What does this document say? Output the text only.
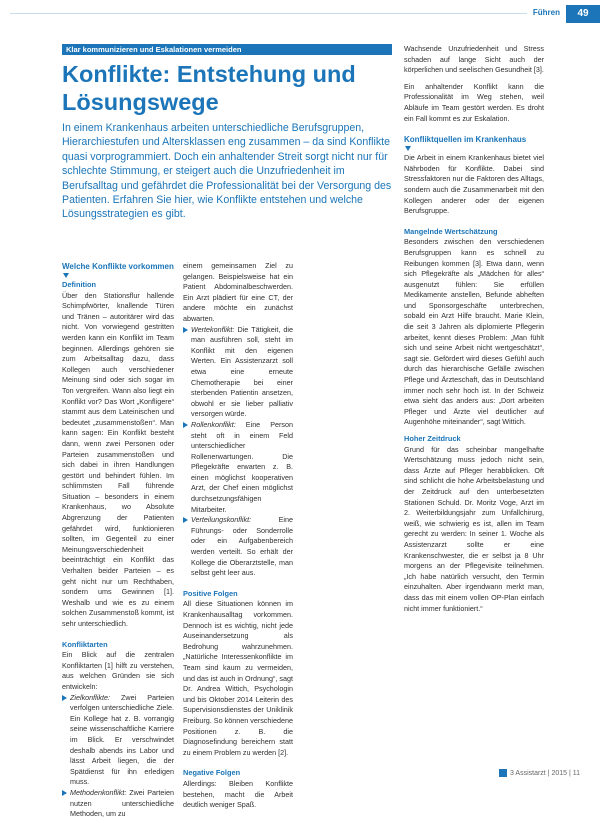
Führen	49
Klar kommunizieren und Eskalationen vermeiden
Konflikte: Entstehung und
Lösungswege

In einem Krankenhaus arbeiten unterschiedliche Berufsgruppen, Hierarchiestufen und Altersklassen eng zusammen – da sind Konflikte quasi vorprogrammiert. Doch ein anhaltender Streit sorgt nicht nur für schlechte Stimmung, er steigert auch die Unzufriedenheit im Berufsalltag und gefährdet die Professionalität bei der Versorgung des Patienten. Erfahren Sie hier, wie Konflikte entstehen und welche Lösungsstrategien es gibt.

Welche Konflikte vorkommen
Definition

Über den Stationsflur hallende Schimpfwörter, knallende Türen und Tränen – autoritärer wird das nicht. Von vorwiegend gestritten werden kann ein Konflikt im Team beginnen. Allerdings gehören sie zum Arbeitsalltag dazu, dass Kollegen auch verschiedener Meinung sind oder sich sogar im Ton vergreifen. Wann also liegt ein Konflikt vor? Das Wort „Konfligere“ stammt aus dem Lateinischen und bedeutet „zusammenstoßen“. Man kann sagen: Ein Konflikt besteht dann, wenn zwei Personen oder Parteien zusammenstoßen und sich dabei in ihren Handlungen gestört und behindert fühlen. Im schlimmsten Fall führende Situation – besonders in einem Krankenhaus, wo Absolute Abgrenzung der Patienten gefährdet wird, funktionieren sollten, im Gegenteil zu einer Meinungsverschiedenheit beeinträchtigt ein Konflikt das Verhalten beider Parteien – es geht nicht nur um Rechthaben, sondern ums Gewinnen [1]. Weshalb und wie es zu einem solchen Zusammenstoß kommt, ist sehr unterschiedlich.

Konfliktarten

Ein Blick auf die zentralen Konfliktarten [1] hilft zu verstehen, aus welchen Gründen sie sich entwickeln:

Zielkonflikte: Zwei Parteien verfolgen unterschiedliche Ziele. Ein Kollege hat z. B. vorrangig seine wissenschaftliche Karriere im Blick. Er verschwindet deshalb abends ins Labor und lässt Arbeit liegen, die der Spätdienst für ihn erledigen muss.
Methodenkonflikt: Zwei Parteien nutzen unterschiedliche Methoden, um zu

einem gemeinsamen Ziel zu gelangen. Beispielsweise hat ein Patient Abdominalbeschwerden. Ein Arzt plädiert für eine CT, der andere möchte ein zunächst abwarten.

Wertekonflikt: Die Tätigkeit, die man ausführen soll, steht im Konflikt mit den eigenen Werten. Ein Assistenzarzt soll etwa eine erneute Chemotherapie bei einer sterbenden Patientin ansetzen, obwohl er sie lieber palliativ versorgen würde.
Rollenkonflikt: Eine Person steht oft in einem Feld unterschiedlicher Rollenerwartungen. Die Pflegekräfte erwarten z. B. einen möglichst kooperativen Arzt, der Chef einen möglichst durchsetzungsfähigen Mitarbeiter.
Verteilungskonflikt:	Eine Führungs- oder Sonderrolle oder ein Aufgabenbereich werden verteilt. So erhält der Kollege die Oberarztstelle, man selbst geht leer aus.
Positive Folgen

All diese Situationen können im Krankenhausalltag vorkommen. Dennoch ist es wichtig, nicht jede Auseinandersetzung als Bedrohung wahrzunehmen. „Natürliche Interessenkonflikte im Team sind kaum zu vermeiden, und das ist auch in Ordnung“, sagt Dr. Andrea Wittich, Psychologin und bis Oktober 2014 Leiterin des Supervisionsdienstes der Uniklinik Freiburg. So können verschiedene Positionen z. B. die Diagnosefindung bereichern statt zu einem Problem zu werden [2].

Negative Folgen

Allerdings: Bleiben Konflikte bestehen, macht die Arbeit deutlich weniger Spaß.

Wachsende Unzufriedenheit und Stress schaden auf lange Sicht auch der körperlichen und seelischen Gesundheit [3].

Ein anhaltender Konflikt kann die Professionalität im Weg stehen, weil Abläufe im Team gestört werden. Es droht ein Fall kommt es zur Eskalation.

Konfliktquellen im Krankenhaus

Die Arbeit in einem Krankenhaus bietet viel Nährboden für Konflikte. Dabei sind Stressfaktoren nur die Faktoren des Alltags, sondern auch die Zusammenarbeit mit den Kollegen anderer oder der eigenen Berufsgruppe.

Mangelnde Wertschätzung

Besonders zwischen den verschiedenen Berufsgruppen kann es schnell zu Reibungen kommen [3]. Etwa dann, wenn sich Pflegekräfte als „Mädchen für alles“ ausgenutzt fühlen: Sie erfüllen Medikamente anstellen, Befunde abheften und Sponsorgeschäfte unterbrechen, sobald ein Arzt Hilfe braucht. Marie Klein, die seit 3 Jahren als diplomierte Pflegerin arbeitet, kennt dieses Problem: „Man fühlt sich und seine Arbeit nicht wertgeschätzt“, sagt sie. Gefördert wird dieses Gefühl auch durch das hierarchische Gefälle zwischen Pflege und Ärzteschaft, das in Deutschland immer noch sehr hoch ist. In der Schweiz etwa sieht das anders aus: „Dort arbeiten Pfleger und Ärzte viel deutlicher auf Augenhöhe miteinander“, sagt Wittich.

Hoher Zeitdruck

Grund für das scheinbar mangelhafte Wertschätzung muss jedoch nicht sein, dass Ärzte auf Pfleger herabblicken. Oft sind schlicht die hohe Arbeitsbelastung und der Zeitdruck auf den unterbesetzten Stationen Schuld. Dr. Moritz Voge, Arzt im 2. Weiterbildungsjahr zum Unfallchirurg, weiß, wie schwierig es ist, allen im Team gerecht zu werden: In seiner 1. Woche als Assistenzarzt sollte er eine Krankenschwester, die er selbst ja 8 Uhr morgens an der Pflegevisite teilnehmen. „Ich habe natürlich versucht, den Termin einzuhalten. Aber irgendwann merkt man, dass das mit einem vollen OP-Plan einfach nicht immer funktioniert.“

3 Assistarzt | 2015 | 11
